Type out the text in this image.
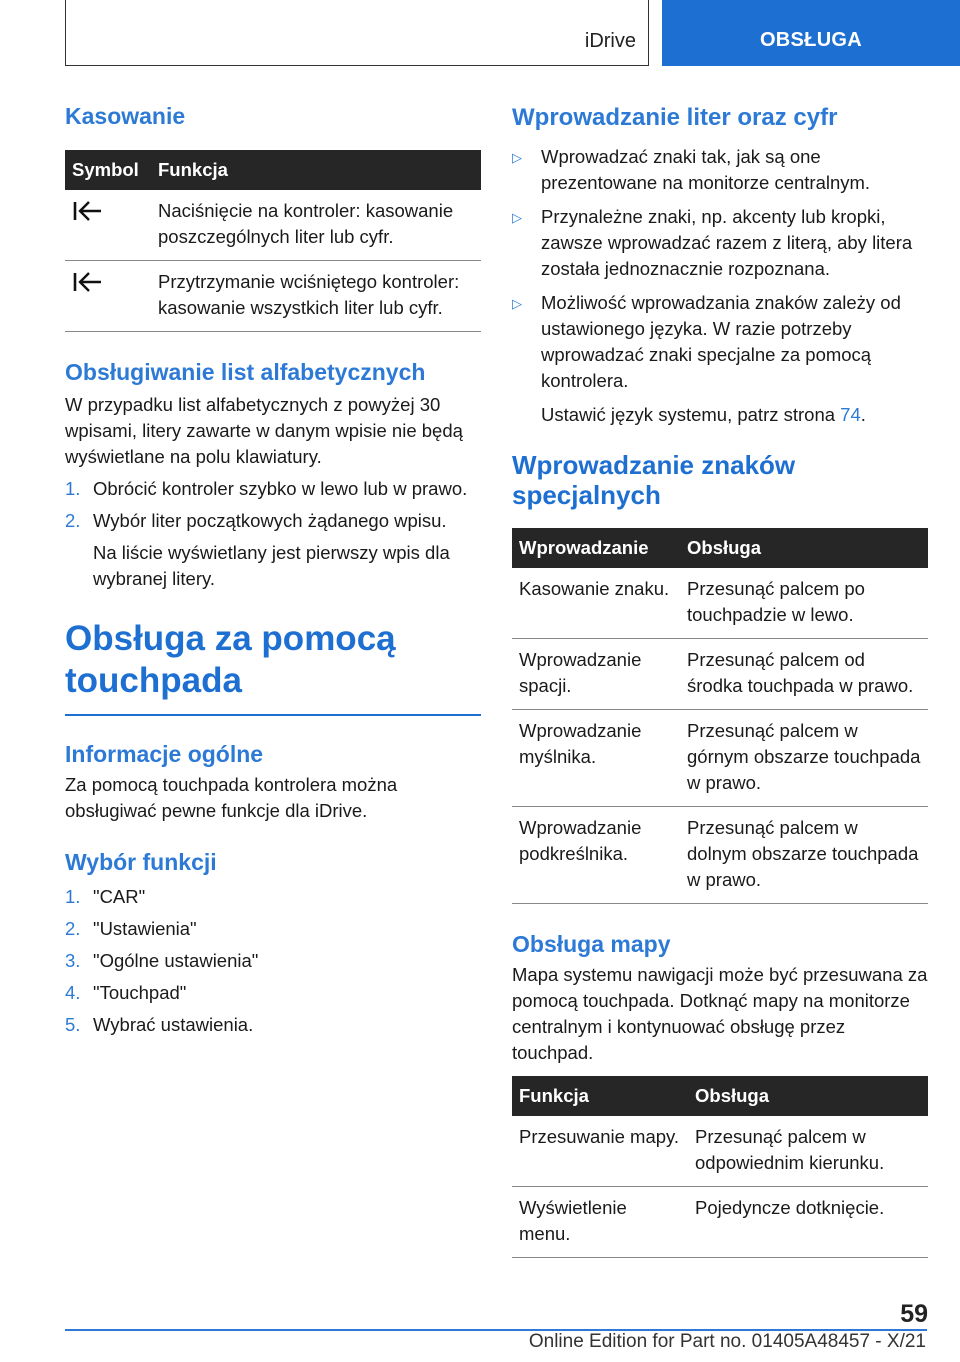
iDrive	OBSŁUGA
Kasowanie
Symbol	Funkcja
	Naciśnięcie na kontroler: kasowanie poszczególnych liter lub cyfr.
	Przytrzymanie wciśniętego kontroler: kasowanie wszystkich liter lub cyfr.
Obsługiwanie list alfabetycznych

W przypadku list alfabetycznych z powyżej 30 wpisami, litery zawarte w danym wpisie nie będą wyświetlane na polu klawiatury.

1. Obrócić kontroler szybko w lewo lub w prawo.
2. Wybór liter początkowych żądanego wpisu.
Na liście wyświetlany jest pierwszy wpis dla wybranej litery.
Obsługa za pomocą touchpada
Informacje ogólne

Za pomocą touchpada kontrolera można obsługiwać pewne funkcje dla iDrive.

Wybór funkcji
1. "CAR"
2. "Ustawienia"
3. "Ogólne ustawienia"
4. "Touchpad"
5. Wybrać ustawienia.
Wprowadzanie liter oraz cyfr
▷	Wprowadzać znaki tak, jak są one prezentowane na monitorze centralnym.
▷	Przynależne znaki, np. akcenty lub kropki, zawsze wprowadzać razem z literą, aby litera została jednoznacznie rozpoznana.
▷	Możliwość wprowadzania znaków zależy od ustawionego języka. W razie potrzeby wprowadzać znaki specjalne za pomocą kontrolera.
Ustawić język systemu, patrz strona 74.
Wprowadzanie znaków specjalnych
Wprowadzanie	Obsługa
Kasowanie znaku.	Przesunąć palcem po touchpadzie w lewo.
Wprowadzanie spacji.	Przesunąć palcem od środka touchpada w prawo.
Wprowadzanie myślnika.	Przesunąć palcem w górnym obszarze touchpada w prawo.
Wprowadzanie podkreślnika.	Przesunąć palcem w dolnym obszarze touchpada w prawo.
Obsługa mapy

Mapa systemu nawigacji może być przesuwana za pomocą touchpada. Dotknąć mapy na monitorze centralnym i kontynuować obsługę przez touchpad.

Funkcja	Obsługa
Przesuwanie mapy.	Przesunąć palcem w odpowiednim kierunku.
Wyświetlenie menu.	Pojedyncze dotknięcie.
59
Online Edition for Part no. 01405A48457 - X/21
